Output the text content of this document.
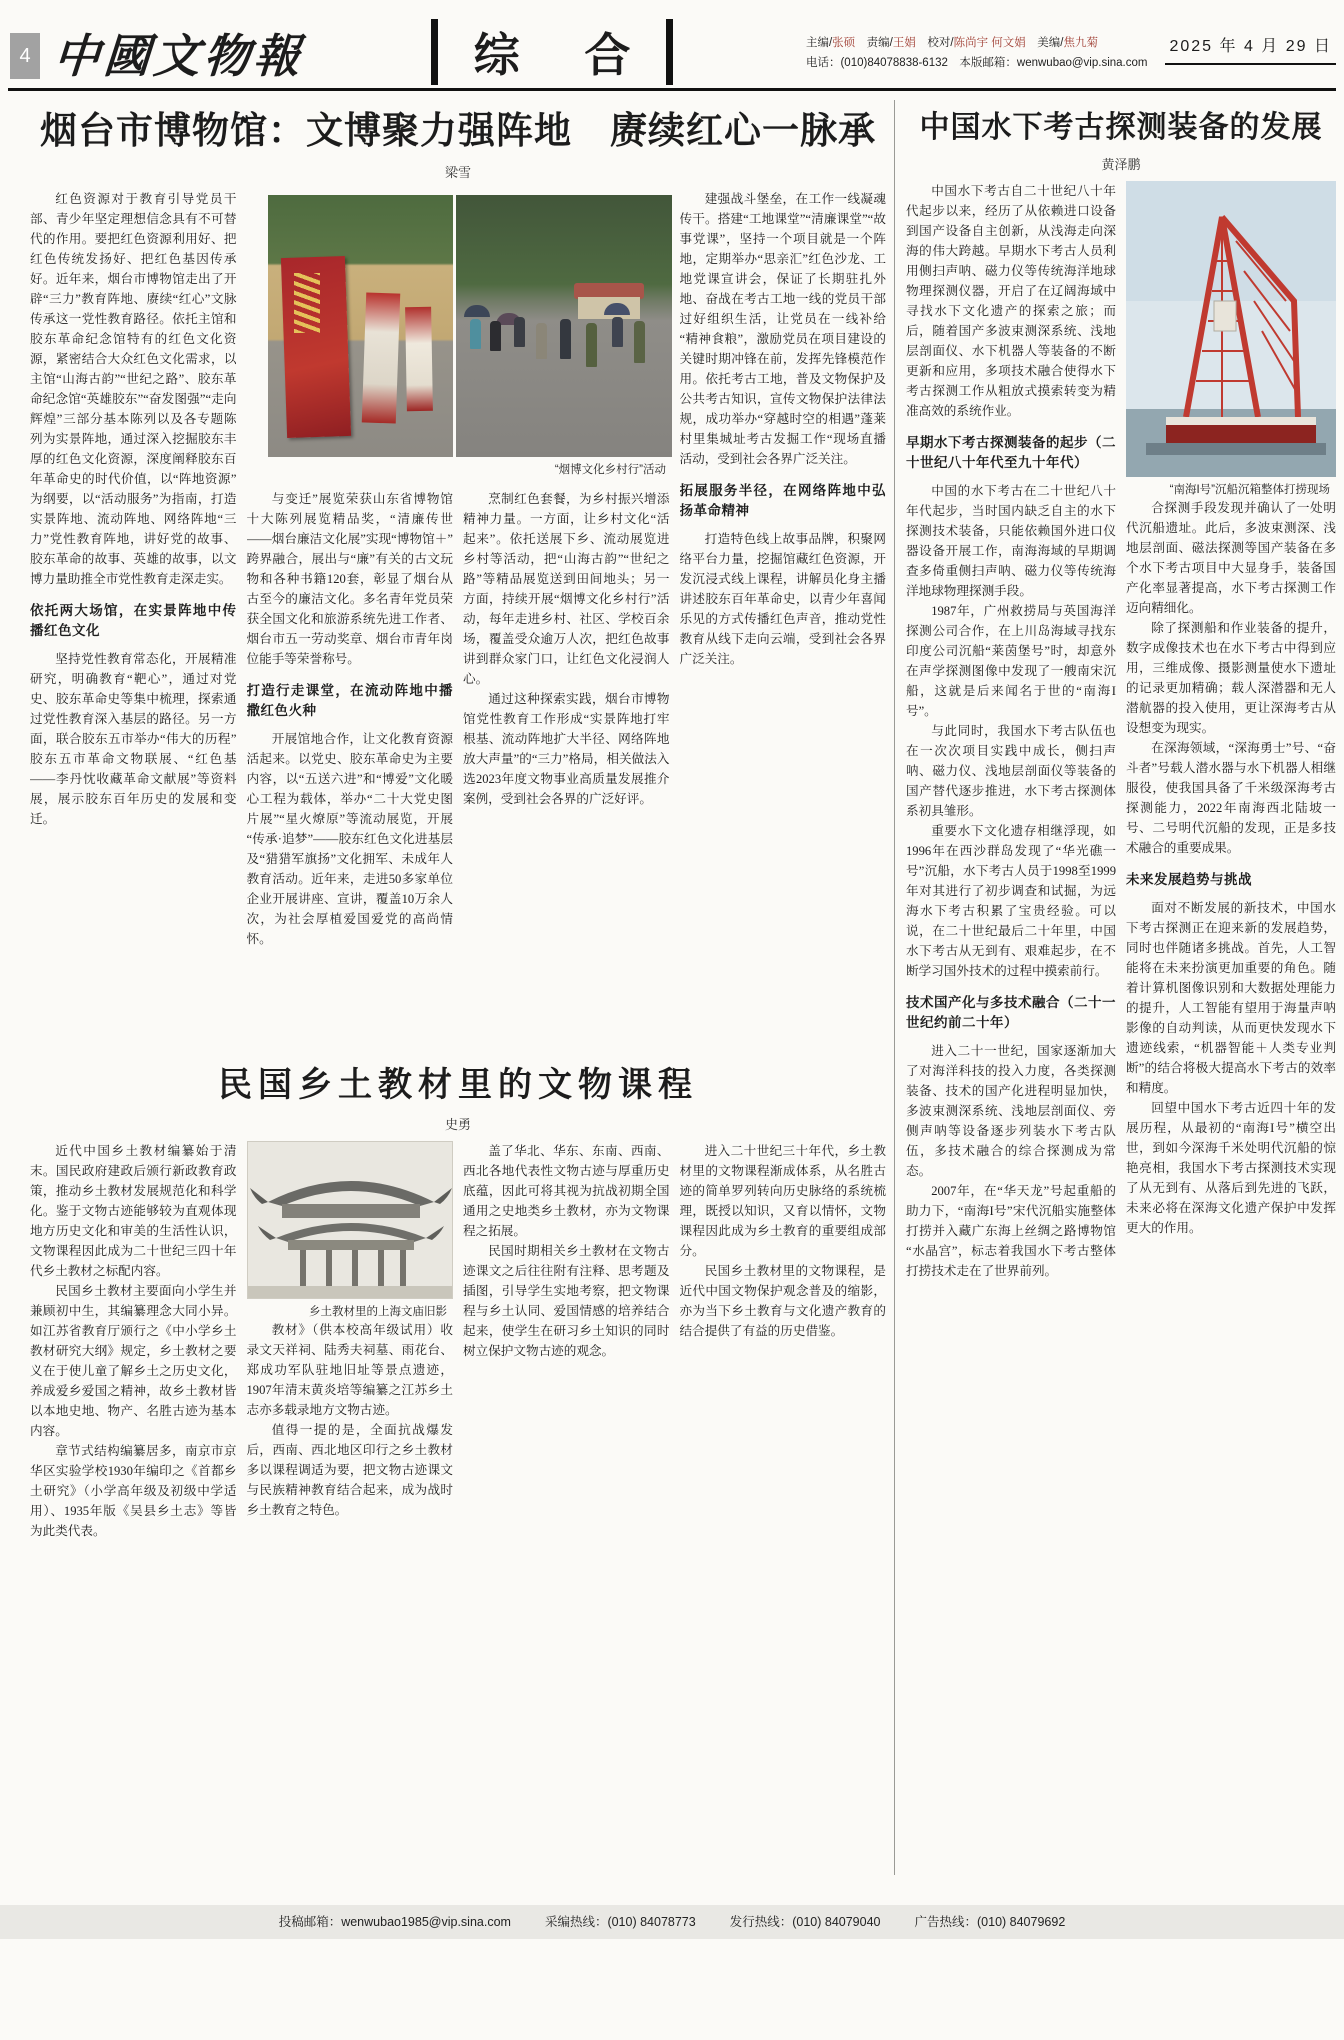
4 中國文物報	综 合	主编/张硕　责编/王娟　校对/陈尚宇 何文娟　美编/焦九菊　
电话：(010)84078838-6132　本版邮箱：wenwubao@vip.sina.com
2025 年 4 月 29 日
烟台市博物馆：文博聚力强阵地　赓续红心一脉承
梁雪

红色资源对于教育引导党员干部、青少年坚定理想信念具有不可替代的作用。要把红色资源利用好、把红色传统发扬好、把红色基因传承好。近年来，烟台市博物馆走出了开辟“三力”教育阵地、赓续“红心”文脉传承这一党性教育路径。依托主馆和胶东革命纪念馆特有的红色文化资源，紧密结合大众红色文化需求，以主馆“山海古韵”“世纪之路”、胶东革命纪念馆“英雄胶东”“奋发图强”“走向辉煌”三部分基本陈列以及各专题陈列为实景阵地，通过深入挖掘胶东丰厚的红色文化资源，深度阐释胶东百年革命史的时代价值，以“阵地资源”为纲要，以“活动服务”为指南，打造实景阵地、流动阵地、网络阵地“三力”党性教育阵地，讲好党的故事、胶东革命的故事、英雄的故事，以文博力量助推全市党性教育走深走实。

依托两大场馆，在实景阵地中传播红色文化

坚持党性教育常态化，开展精准研究，明确教育“靶心”，通过对党史、胶东革命史等集中梳理，探索通过党性教育深入基层的路径。另一方面，联合胶东五市举办“伟大的历程”胶东五市革命文物联展、“红色基——李丹忱收藏革命文献展”等资料展，展示胶东百年历史的发展和变迁。

与变迁”展览荣获山东省博物馆十大陈列展览精品奖，“清廉传世——烟台廉洁文化展”实现“博物馆＋”跨界融合，展出与“廉”有关的古文玩物和各种书籍120套，彰显了烟台从古至今的廉洁文化。多名青年党员荣获全国文化和旅游系统先进工作者、烟台市五一劳动奖章、烟台市青年岗位能手等荣誉称号。

打造行走课堂，在流动阵地中播撒红色火种

开展馆地合作，让文化教育资源活起来。以党史、胶东革命史为主要内容，以“五送六进”和“博爱”文化暖心工程为载体，举办“二十大党史图片展”“星火燎原”等流动展览，开展“传承·追梦”——胶东红色文化进基层及“猎猎军旗扬”文化拥军、未成年人教育活动。近年来，走进50多家单位企业开展讲座、宣讲，覆盖10万余人次，为社会厚植爱国爱党的高尚情怀。

烹制红色套餐，为乡村振兴增添精神力量。一方面，让乡村文化“活起来”。依托送展下乡、流动展览进乡村等活动，把“山海古韵”“世纪之路”等精品展览送到田间地头；另一方面，持续开展“烟博文化乡村行”活动，每年走进乡村、社区、学校百余场，覆盖受众逾万人次，把红色故事讲到群众家门口，让红色文化浸润人心。

通过这种探索实践，烟台市博物馆党性教育工作形成“实景阵地打牢根基、流动阵地扩大半径、网络阵地放大声量”的“三力”格局，相关做法入选2023年度文物事业高质量发展推介案例，受到社会各界的广泛好评。

建强战斗堡垒，在工作一线凝魂传干。搭建“工地课堂”“清廉课堂”“故事党课”，坚持一个项目就是一个阵地，定期举办“思亲汇”红色沙龙、工地党课宣讲会，保证了长期驻扎外地、奋战在考古工地一线的党员干部过好组织生活，让党员在一线补给“精神食粮”，激励党员在项目建设的关键时期冲锋在前，发挥先锋模范作用。依托考古工地，普及文物保护及公共考古知识，宣传文物保护法律法规，成功举办“穿越时空的相遇”蓬莱村里集城址考古发掘工作“现场直播活动，受到社会各界广泛关注。

拓展服务半径，在网络阵地中弘扬革命精神

打造特色线上故事品牌，积聚网络平台力量，挖掘馆藏红色资源，开发沉浸式线上课程，讲解员化身主播讲述胶东百年革命史，以青少年喜闻乐见的方式传播红色声音，推动党性教育从线下走向云端，受到社会各界广泛关注。

“烟博文化乡村行”活动
民国乡土教材里的文物课程
史勇

近代中国乡土教材编纂始于清末。国民政府建政后颁行新政教育政策，推动乡土教材发展规范化和科学化。鉴于文物古迹能够较为直观体现地方历史文化和审美的生活性认识，文物课程因此成为二十世纪三四十年代乡土教材之标配内容。

民国乡土教材主要面向小学生并兼顾初中生，其编纂理念大同小异。如江苏省教育厅颁行之《中小学乡土教材研究大纲》规定，乡土教材之要义在于使儿童了解乡土之历史文化，养成爱乡爱国之精神，故乡土教材皆以本地史地、物产、名胜古迹为基本内容。

章节式结构编纂居多，南京市京华区实验学校1930年编印之《首都乡土研究》（小学高年级及初级中学适用）、1935年版《吴县乡土志》等皆为此类代表。

乡土教材里的上海文庙旧影

教材》（供本校高年级试用）收录文天祥祠、陆秀夫祠墓、雨花台、郑成功军队驻地旧址等景点遗迹，1907年清末黄炎培等编纂之江苏乡土志亦多载录地方文物古迹。

值得一提的是，全面抗战爆发后，西南、西北地区印行之乡土教材多以课程调适为要，把文物古迹课文与民族精神教育结合起来，成为战时乡土教育之特色。

盖了华北、华东、东南、西南、西北各地代表性文物古迹与厚重历史底蕴，因此可将其视为抗战初期全国通用之史地类乡土教材，亦为文物课程之拓展。

民国时期相关乡土教材在文物古迹课文之后往往附有注释、思考题及插图，引导学生实地考察，把文物课程与乡土认同、爱国情感的培养结合起来，使学生在研习乡土知识的同时树立保护文物古迹的观念。

进入二十世纪三十年代，乡土教材里的文物课程渐成体系，从名胜古迹的简单罗列转向历史脉络的系统梳理，既授以知识，又育以情怀，文物课程因此成为乡土教育的重要组成部分。

民国乡土教材里的文物课程，是近代中国文物保护观念普及的缩影，亦为当下乡土教育与文化遗产教育的结合提供了有益的历史借鉴。

中国水下考古探测装备的发展
黄泽鹏

中国水下考古自二十世纪八十年代起步以来，经历了从依赖进口设备到国产设备自主创新，从浅海走向深海的伟大跨越。早期水下考古人员利用侧扫声呐、磁力仪等传统海洋地球物理探测仪器，开启了在辽阔海域中寻找水下文化遗产的探索之旅；而后，随着国产多波束测深系统、浅地层剖面仪、水下机器人等装备的不断更新和应用，多项技术融合使得水下考古探测工作从粗放式摸索转变为精准高效的系统作业。

早期水下考古探测装备的起步（二十世纪八十年代至九十年代）

中国的水下考古在二十世纪八十年代起步，当时国内缺乏自主的水下探测技术装备，只能依赖国外进口仪器设备开展工作，南海海域的早期调查多倚重侧扫声呐、磁力仪等传统海洋地球物理探测手段。

1987年，广州救捞局与英国海洋探测公司合作，在上川岛海域寻找东印度公司沉船“莱茵堡号”时，却意外在声学探测图像中发现了一艘南宋沉船，这就是后来闻名于世的“南海I号”。

与此同时，我国水下考古队伍也在一次次项目实践中成长，侧扫声呐、磁力仪、浅地层剖面仪等装备的国产替代逐步推进，水下考古探测体系初具雏形。

重要水下文化遗存相继浮现，如1996年在西沙群岛发现了“华光礁一号”沉船，水下考古人员于1998至1999年对其进行了初步调查和试掘，为远海水下考古积累了宝贵经验。可以说，在二十世纪最后二十年里，中国水下考古从无到有、艰难起步，在不断学习国外技术的过程中摸索前行。

技术国产化与多技术融合（二十一世纪约前二十年）

进入二十一世纪，国家逐渐加大了对海洋科技的投入力度，各类探测装备、技术的国产化进程明显加快，多波束测深系统、浅地层剖面仪、旁侧声呐等设备逐步列装水下考古队伍，多技术融合的综合探测成为常态。

2007年，在“华天龙”号起重船的助力下，“南海I号”宋代沉船实施整体打捞并入藏广东海上丝绸之路博物馆“水晶宫”，标志着我国水下考古整体打捞技术走在了世界前列。

“南海I号”沉船沉箱整体打捞现场

合探测手段发现并确认了一处明代沉船遗址。此后，多波束测深、浅地层剖面、磁法探测等国产装备在多个水下考古项目中大显身手，装备国产化率显著提高，水下考古探测工作迈向精细化。

除了探测船和作业装备的提升，数字成像技术也在水下考古中得到应用，三维成像、摄影测量使水下遗址的记录更加精确；载人深潜器和无人潜航器的投入使用，更让深海考古从设想变为现实。

在深海领域，“深海勇士”号、“奋斗者”号载人潜水器与水下机器人相继服役，使我国具备了千米级深海考古探测能力，2022年南海西北陆坡一号、二号明代沉船的发现，正是多技术融合的重要成果。

未来发展趋势与挑战

面对不断发展的新技术，中国水下考古探测正在迎来新的发展趋势，同时也伴随诸多挑战。首先，人工智能将在未来扮演更加重要的角色。随着计算机图像识别和大数据处理能力的提升，人工智能有望用于海量声呐影像的自动判读，从而更快发现水下遗迹线索，“机器智能＋人类专业判断”的结合将极大提高水下考古的效率和精度。

回望中国水下考古近四十年的发展历程，从最初的“南海I号”横空出世，到如今深海千米处明代沉船的惊艳亮相，我国水下考古探测技术实现了从无到有、从落后到先进的飞跃，未来必将在深海文化遗产保护中发挥更大的作用。

投稿邮箱：wenwubao1985@vip.sina.com	采编热线：(010) 84078773	发行热线：(010) 84079040	广告热线：(010) 84079692
